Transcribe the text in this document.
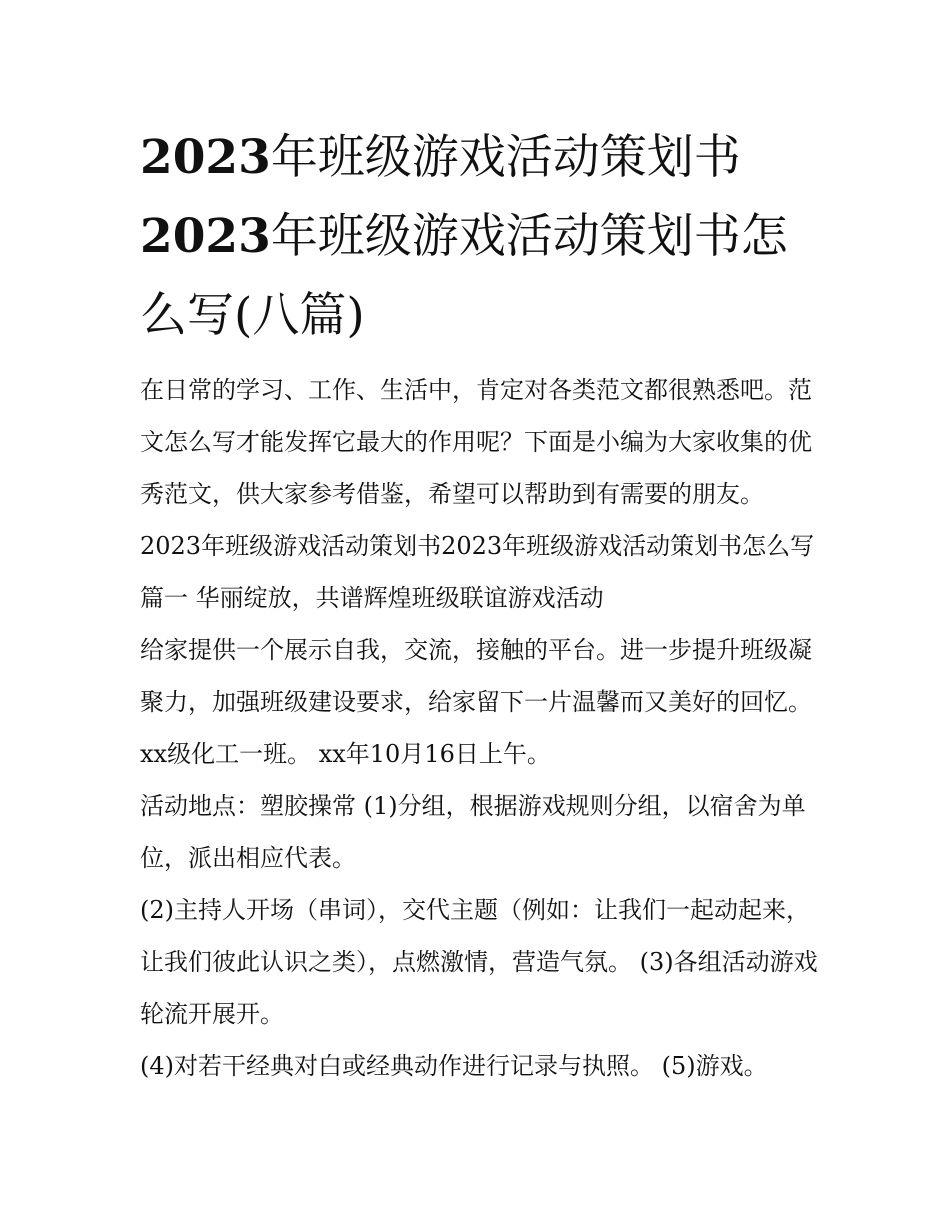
2023年班级游戏活动策划书
2023年班级游戏活动策划书怎
么写(八篇)

在日常的学习、工作、生活中，肯定对各类范文都很熟悉吧。范文怎么写才能发挥它最大的作用呢？下面是小编为大家收集的优秀范文，供大家参考借鉴，希望可以帮助到有需要的朋友。

2023年班级游戏活动策划书2023年班级游戏活动策划书怎么写篇一 华丽绽放，共谱辉煌班级联谊游戏活动

给家提供一个展示自我，交流，接触的平台。进一步提升班级凝聚力，加强班级建设要求，给家留下一片温馨而又美好的回忆。 xx级化工一班。 xx年10月16日上午。

活动地点：塑胶操常 (1)分组，根据游戏规则分组，以宿舍为单位，派出相应代表。

(2)主持人开场（串词），交代主题（例如：让我们一起动起来，让我们彼此认识之类），点燃激情，营造气氛。 (3)各组活动游戏轮流开展开。

(4)对若干经典对白或经典动作进行记录与执照。 (5)游戏。
